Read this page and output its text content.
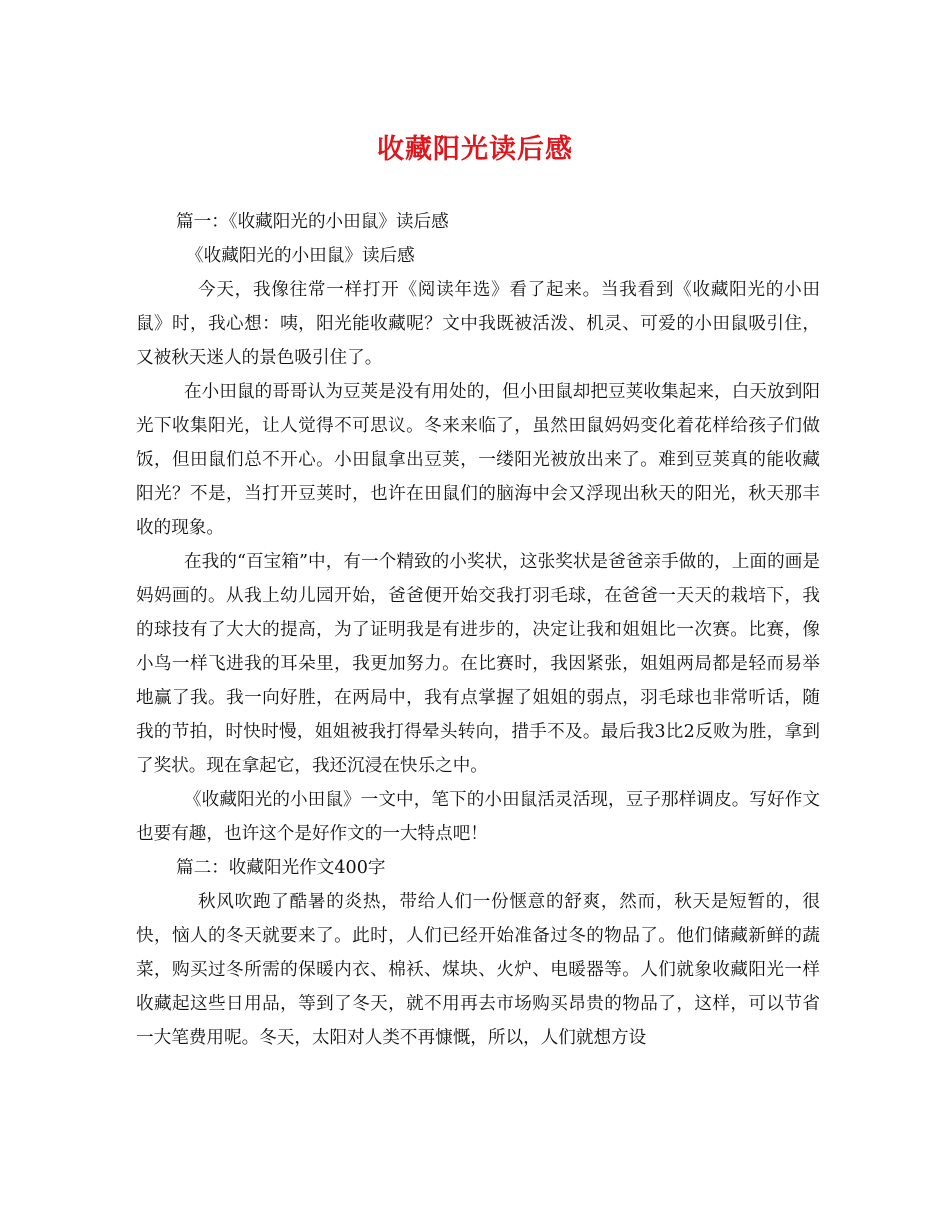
收藏阳光读后感

篇一：《收藏阳光的小田鼠》读后感

《收藏阳光的小田鼠》读后感

今天，我像往常一样打开《阅读年选》看了起来。当我看到《收藏阳光的小田鼠》时，我心想：咦，阳光能收藏呢？文中我既被活泼、机灵、可爱的小田鼠吸引住，又被秋天迷人的景色吸引住了。

在小田鼠的哥哥认为豆荚是没有用处的，但小田鼠却把豆荚收集起来，白天放到阳光下收集阳光，让人觉得不可思议。冬来来临了，虽然田鼠妈妈变化着花样给孩子们做饭，但田鼠们总不开心。小田鼠拿出豆荚，一缕阳光被放出来了。难到豆荚真的能收藏阳光？不是，当打开豆荚时，也许在田鼠们的脑海中会又浮现出秋天的阳光，秋天那丰收的现象。

在我的“百宝箱”中，有一个精致的小奖状，这张奖状是爸爸亲手做的，上面的画是妈妈画的。从我上幼儿园开始，爸爸便开始交我打羽毛球，在爸爸一天天的栽培下，我的球技有了大大的提高，为了证明我是有进步的，决定让我和姐姐比一次赛。比赛，像小鸟一样飞进我的耳朵里，我更加努力。在比赛时，我因紧张，姐姐两局都是轻而易举地赢了我。我一向好胜，在两局中，我有点掌握了姐姐的弱点，羽毛球也非常听话，随我的节拍，时快时慢，姐姐被我打得晕头转向，措手不及。最后我3比2反败为胜，拿到了奖状。现在拿起它，我还沉浸在快乐之中。

《收藏阳光的小田鼠》一文中，笔下的小田鼠活灵活现，豆子那样调皮。写好作文也要有趣，也许这个是好作文的一大特点吧！

篇二：收藏阳光作文400字

秋风吹跑了酷暑的炎热，带给人们一份惬意的舒爽，然而，秋天是短暂的，很快，恼人的冬天就要来了。此时，人们已经开始准备过冬的物品了。他们储藏新鲜的蔬菜，购买过冬所需的保暖内衣、棉袄、煤块、火炉、电暖器等。人们就象收藏阳光一样收藏起这些日用品，等到了冬天，就不用再去市场购买昂贵的物品了，这样，可以节省一大笔费用呢。冬天，太阳对人类不再慷慨，所以，人们就想方设
